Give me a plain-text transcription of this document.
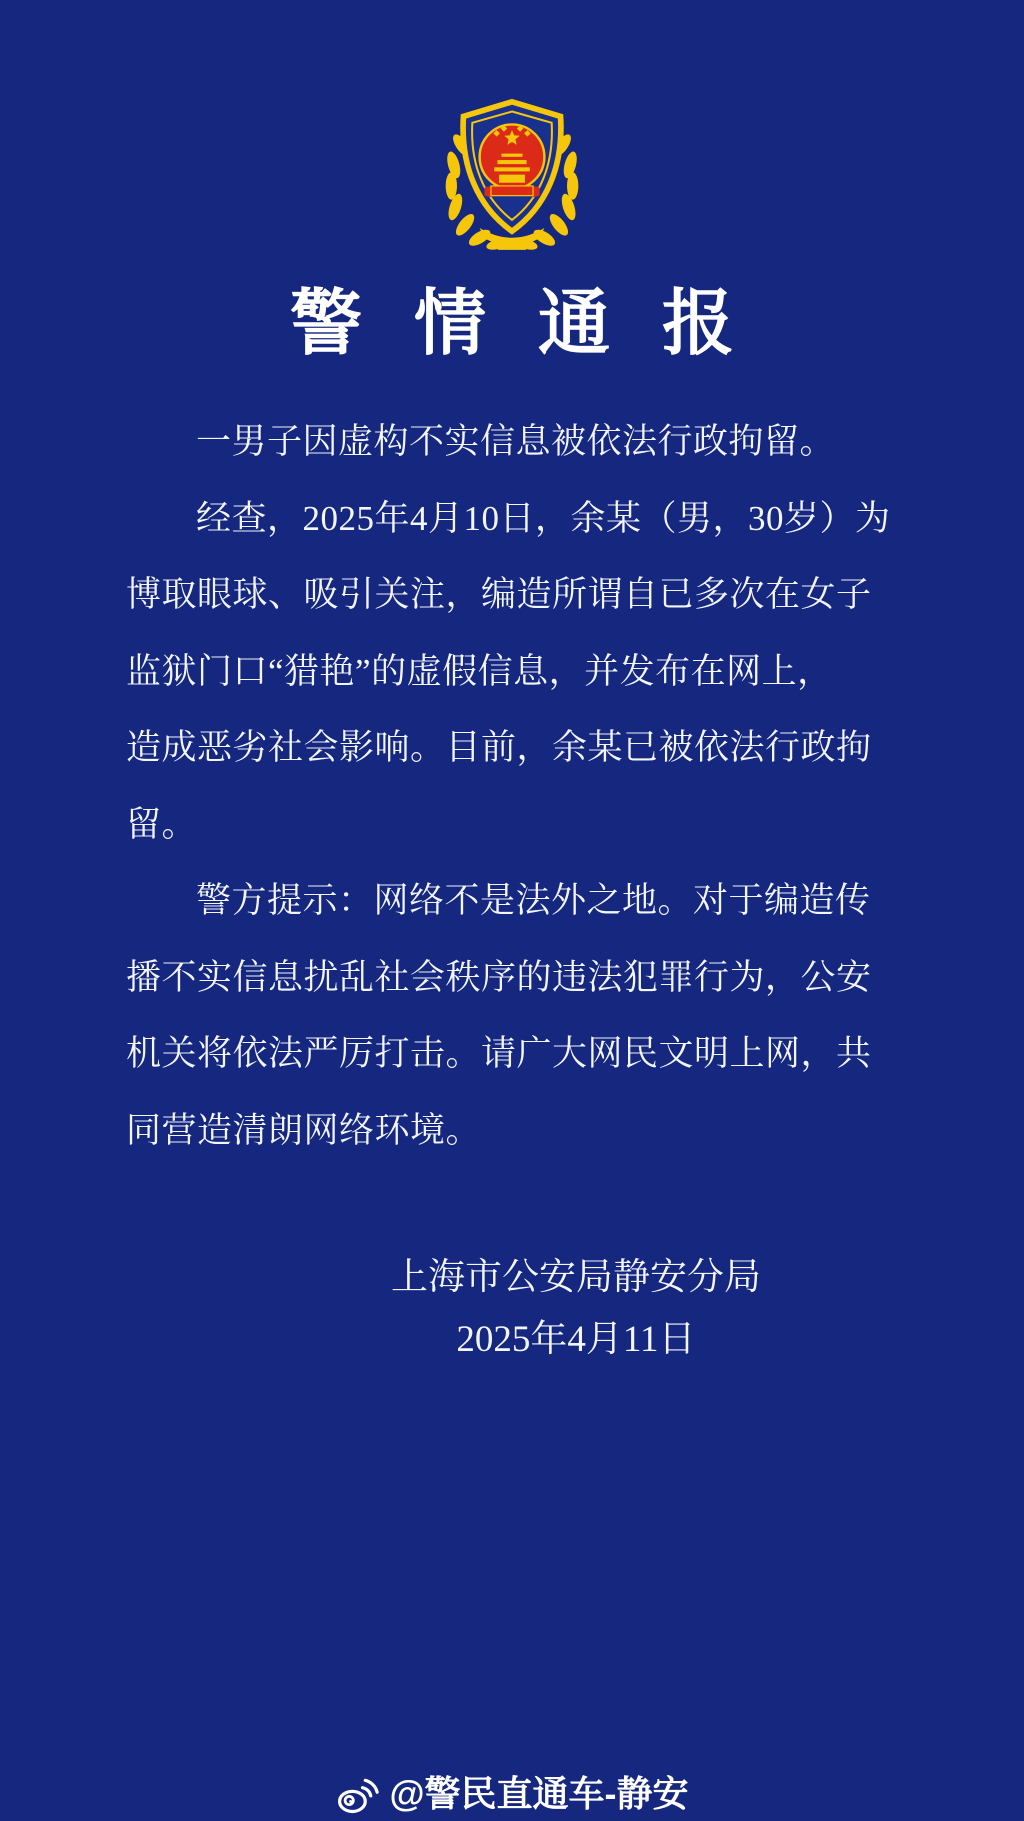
警情通报
一男子因虚构不实信息被依法行政拘留。
经查，2025年4月10日，余某（男，30岁）为
博取眼球、吸引关注，编造所谓自已多次在女子
监狱门口“猎艳”的虚假信息，并发布在网上，
造成恶劣社会影响。目前，余某已被依法行政拘
留。
警方提示：网络不是法外之地。对于编造传
播不实信息扰乱社会秩序的违法犯罪行为，公安
机关将依法严厉打击。请广大网民文明上网，共
同营造清朗网络环境。
上海市公安局静安分局
2025年4月11日
@警民直通车-静安
